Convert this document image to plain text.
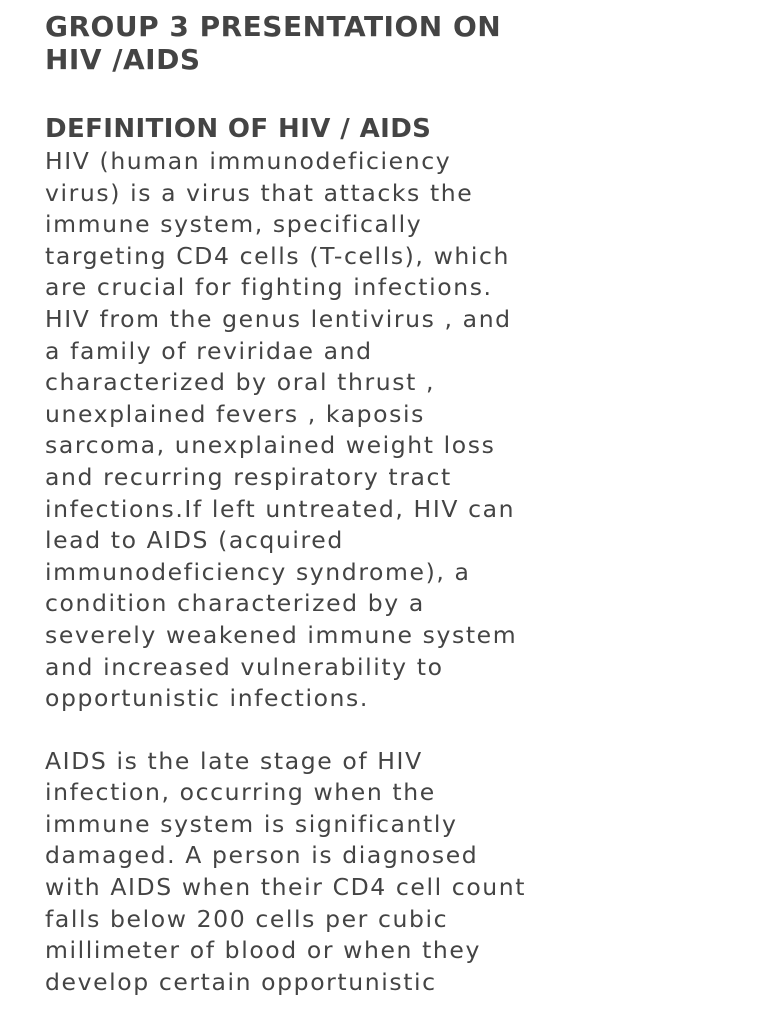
GROUP 3 PRESENTATION ON
HIV /AIDS
DEFINITION OF HIV / AIDS

HIV (human immunodeficiency
virus) is a virus that attacks the
immune system, specifically
targeting CD4 cells (T-cells), which
are crucial for fighting infections.
HIV from the genus lentivirus , and
a family of reviridae and
characterized by oral thrust ,
unexplained fevers , kaposis
sarcoma, unexplained weight loss
and recurring respiratory tract
infections.If left untreated, HIV can
lead to AIDS (acquired
immunodeficiency syndrome), a
condition characterized by a
severely weakened immune system
and increased vulnerability to
opportunistic infections.

AIDS is the late stage of HIV
infection, occurring when the
immune system is significantly
damaged. A person is diagnosed
with AIDS when their CD4 cell count
falls below 200 cells per cubic
millimeter of blood or when they
develop certain opportunistic
